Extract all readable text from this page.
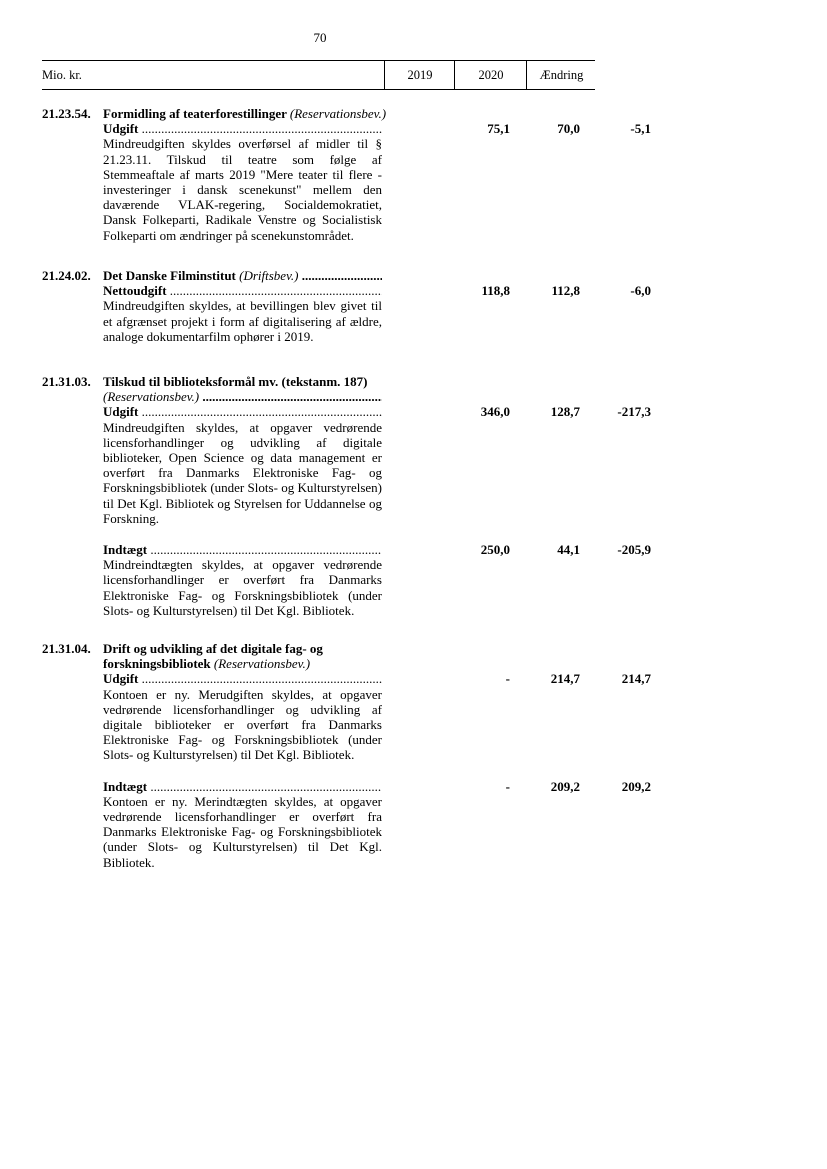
70
Mio. kr.	2019	2020	Ændring
21.23.54. Formidling af teaterforestillinger (Reservationsbev.)
Udgift .....
Mindreudgiften skyldes overførsel af midler til § 21.23.11. Tilskud til teatre som følge af Stemmeaftale af marts 2019 "Mere teater til flere - investeringer i dansk scenekunst" mellem den daværende VLAK-regering, Socialdemokratiet, Dansk Folkeparti, Radikale Venstre og Socialistisk Folkeparti om ændringer på scenekunstområdet.
75,1	70,0	-5,1
21.24.02. Det Danske Filminstitut (Driftsbev.) .....
Nettoudgift .....
Mindreudgiften skyldes, at bevillingen blev givet til et afgrænset projekt i form af digitalisering af ældre, analoge dokumentarfilm ophører i 2019.
118,8	112,8	-6,0
21.31.03. Tilskud til biblioteksformål mv. (tekstanm. 187)

(Reservationsbev.) .....
Udgift .....
Mindreudgiften skyldes, at opgaver vedrørende licensforhandlinger og udvikling af digitale biblioteker, Open Science og data management er overført fra Danmarks Elektroniske Fag- og Forskningsbibliotek (under Slots- og Kulturstyrelsen) til Det Kgl. Bibliotek og Styrelsen for Uddannelse og Forskning.
346,0	128,7	-217,3
Indtægt .....
Mindreindtægten skyldes, at opgaver vedrørende licensforhandlinger er overført fra Danmarks Elektroniske Fag- og Forskningsbibliotek (under Slots- og Kulturstyrelsen) til Det Kgl. Bibliotek.
250,0	44,1	-205,9
21.31.04. Drift og udvikling af det digitale fag- og forskningsbibliotek (Reservationsbev.)
Udgift .....
Kontoen er ny. Merudgiften skyldes, at opgaver vedrørende licensforhandlinger og udvikling af digitale biblioteker er overført fra Danmarks Elektroniske Fag- og Forskningsbibliotek (under Slots- og Kulturstyrelsen) til Det Kgl. Bibliotek.
-	214,7	214,7
Indtægt .....
Kontoen er ny. Merindtægten skyldes, at opgaver vedrørende licensforhandlinger er overført fra Danmarks Elektroniske Fag- og Forskningsbibliotek (under Slots- og Kulturstyrelsen) til Det Kgl. Bibliotek.
-	209,2	209,2
